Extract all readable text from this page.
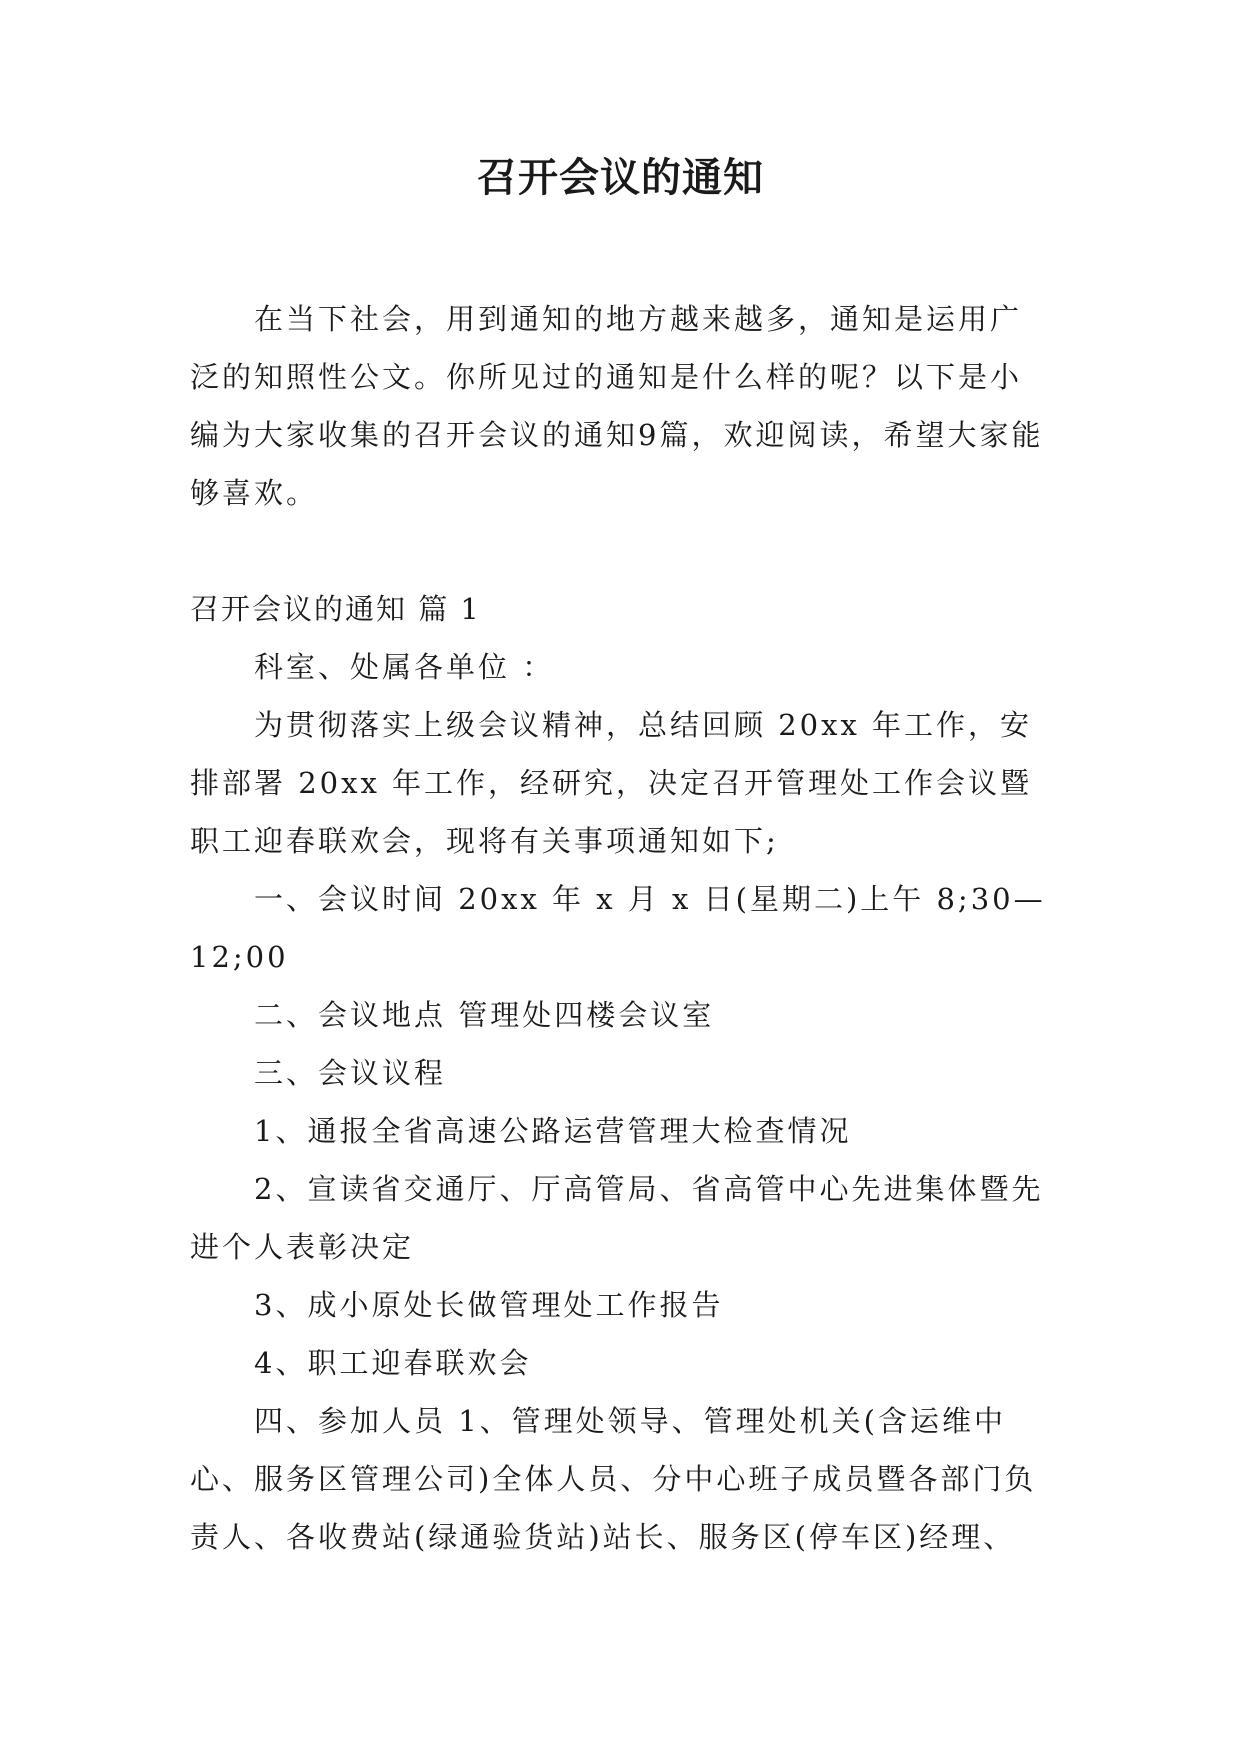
召开会议的通知

在当下社会，用到通知的地方越来越多，通知是运用广泛的知照性公文。你所见过的通知是什么样的呢？以下是小编为大家收集的召开会议的通知9篇，欢迎阅读，希望大家能够喜欢。

召开会议的通知 篇 1

科室、处属各单位 ：

为贯彻落实上级会议精神，总结回顾 20xx 年工作，安排部署 20xx 年工作，经研究，决定召开管理处工作会议暨职工迎春联欢会，现将有关事项通知如下;

一、会议时间 20xx 年 x 月 x 日(星期二)上午 8;30—12;00

二、会议地点 管理处四楼会议室

三、会议议程

1、通报全省高速公路运营管理大检查情况

2、宣读省交通厅、厅高管局、省高管中心先进集体暨先进个人表彰决定

3、成小原处长做管理处工作报告

4、职工迎春联欢会

四、参加人员 1、管理处领导、管理处机关(含运维中心、服务区管理公司)全体人员、分中心班子成员暨各部门负责人、各收费站(绿通验货站)站长、服务区(停车区)经理、
